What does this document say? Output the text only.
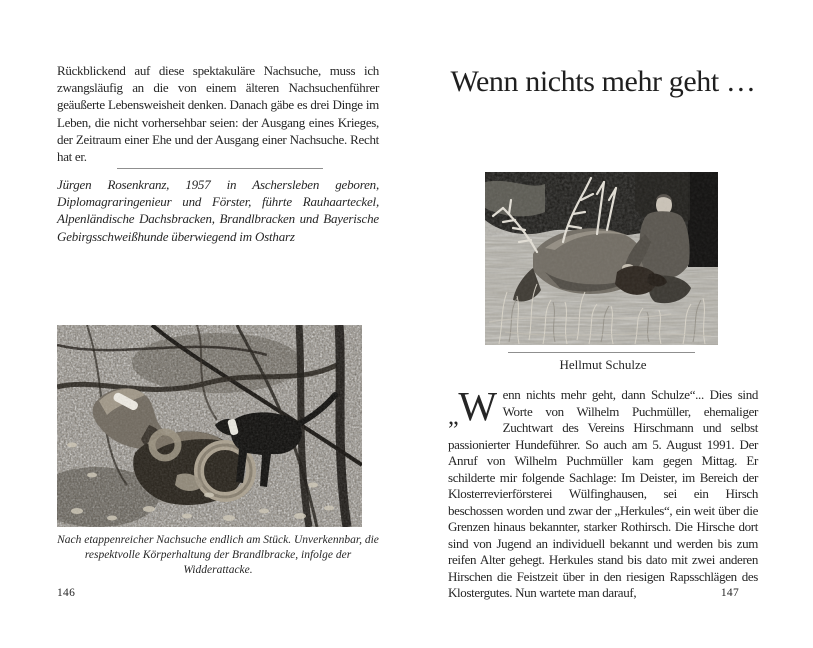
Rückblickend auf diese spektakuläre Nachsuche, muss ich zwangsläufig an die von einem älteren Nachsuchenführer geäußerte Lebensweisheit denken. Danach gäbe es drei Dinge im Leben, die nicht vorhersehbar seien: der Ausgang eines Krieges, der Zeitraum einer Ehe und der Ausgang einer Nachsuche. Recht hat er.

Jürgen Rosenkranz, 1957 in Aschersleben geboren, Diplomagraringenieur und Förster, führte Rauhaarteckel, Alpenländische Dachsbracken, Brandlbracken und Bayerische Gebirgsschweißhunde überwiegend im Ostharz

Nach etappenreicher Nachsuche endlich am Stück. Unverkennbar, die respektvolle Körperhaltung der Brandlbracke, infolge der Widderattacke.

146
Wenn nichts mehr geht …

Hellmut Schulze

„ W enn nichts mehr geht, dann Schulze“... Dies sind Worte von Wilhelm Puchmüller, ehemaliger Zuchtwart des Vereins Hirschmann und selbst passionierter Hundeführer. So auch am 5. August 1991. Der Anruf von Wilhelm Puchmüller kam gegen Mittag. Er schilderte mir folgende Sachlage: Im Deister, im Bereich der Klosterrevierförsterei Wülfinghausen, sei ein Hirsch beschossen worden und zwar der „Herkules“, ein weit über die Grenzen hinaus bekannter, starker Rothirsch. Die Hirsche dort sind von Jugend an individuell bekannt und werden bis zum reifen Alter gehegt. Herkules stand bis dato mit zwei anderen Hirschen die Feistzeit über in den riesigen Rapsschlägen des Klostergutes. Nun wartete man darauf,	147
